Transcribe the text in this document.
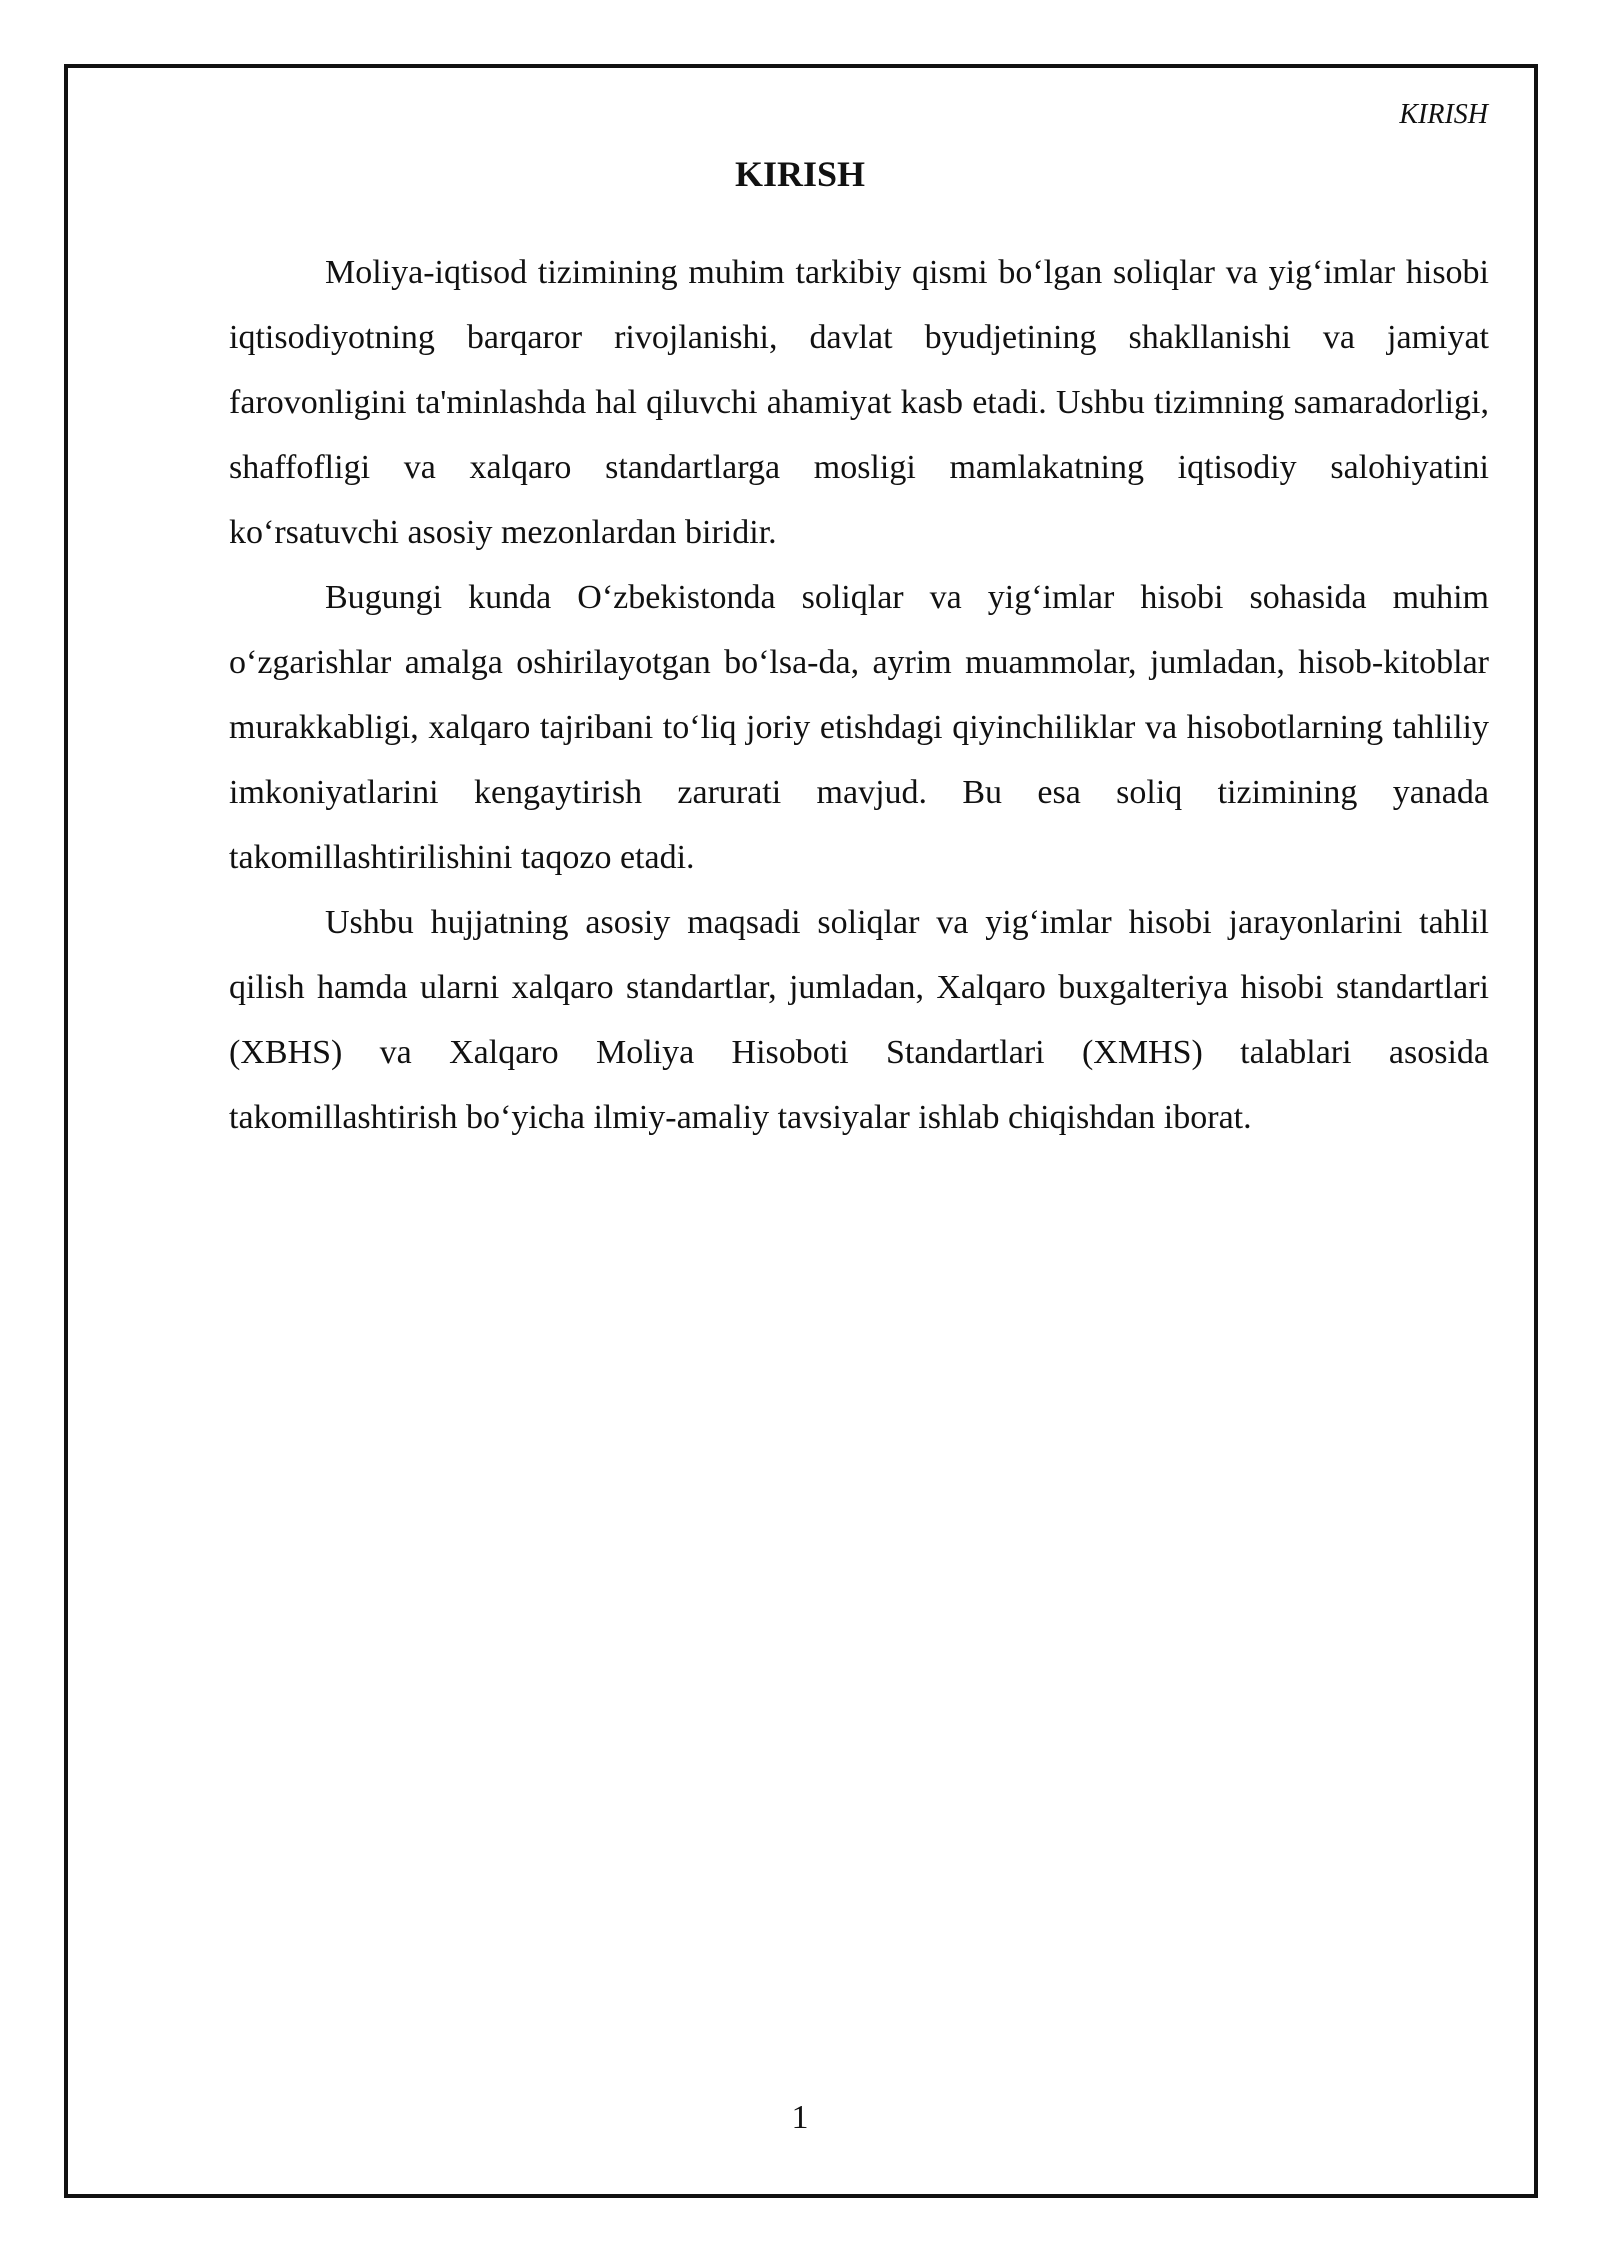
KIRISH
KIRISH

Moliya-iqtisod tizimining muhim tarkibiy qismi bo‘lgan soliqlar va yig‘imlar hisobi iqtisodiyotning barqaror rivojlanishi, davlat byudjetining shakllanishi va jamiyat farovonligini ta'minlashda hal qiluvchi ahamiyat kasb etadi. Ushbu tizimning samaradorligi, shaffofligi va xalqaro standartlarga mosligi mamlakatning iqtisodiy salohiyatini ko‘rsatuvchi asosiy mezonlardan biridir.

Bugungi kunda O‘zbekistonda soliqlar va yig‘imlar hisobi sohasida muhim o‘zgarishlar amalga oshirilayotgan bo‘lsa-da, ayrim muammolar, jumladan, hisob-kitoblar murakkabligi, xalqaro tajribani to‘liq joriy etishdagi qiyinchiliklar va hisobotlarning tahliliy imkoniyatlarini kengaytirish zarurati mavjud. Bu esa soliq tizimining yanada takomillashtirilishini taqozo etadi.

Ushbu hujjatning asosiy maqsadi soliqlar va yig‘imlar hisobi jarayonlarini tahlil qilish hamda ularni xalqaro standartlar, jumladan, Xalqaro buxgalteriya hisobi standartlari (XBHS) va Xalqaro Moliya Hisoboti Standartlari (XMHS) talablari asosida takomillashtirish bo‘yicha ilmiy-amaliy tavsiyalar ishlab chiqishdan iborat.

1
